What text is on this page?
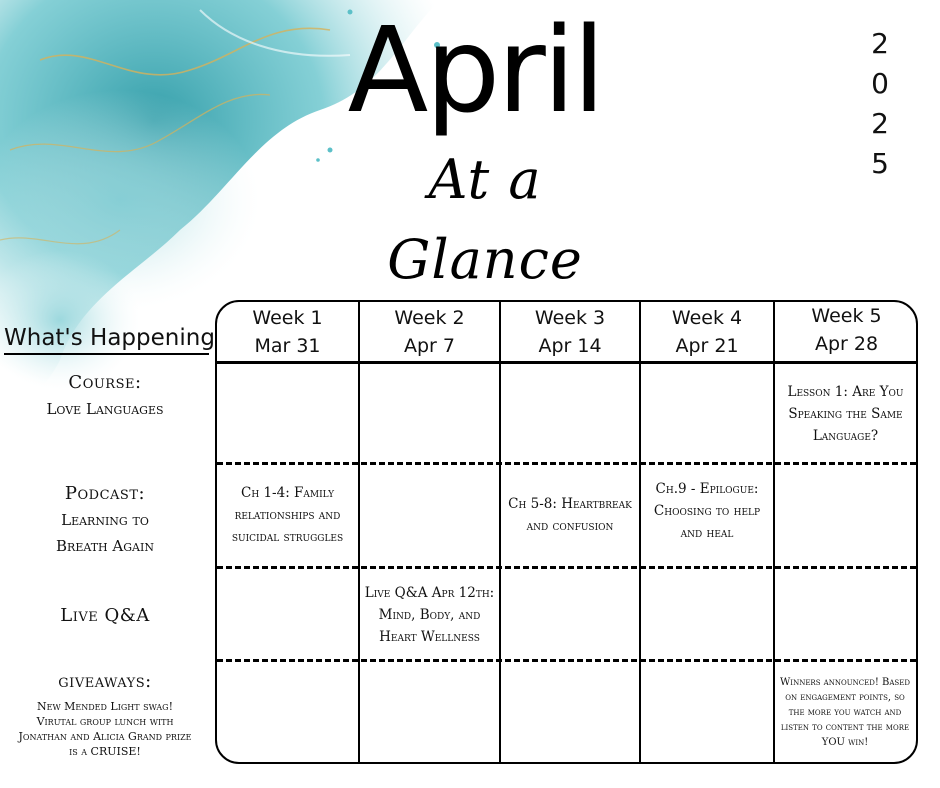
April
At a Glance
2
0
2
5
What's Happening
Course:
Love Languages
Podcast:
Learning to
Breath Again
Live Q&A
giveaways:
New Mended Light swag! Virutal group lunch with Jonathan and Alicia Grand prize is a CRUISE!
Week 1
Mar 31
Week 2
Apr 7
Week 3
Apr 14
Week 4
Apr 21
Week 5
Apr 28
Lesson 1: Are You Speaking the Same Language?
Ch 1-4: Family relationships and suicidal struggles
Ch 5-8: Heartbreak and confusion
Ch.9 - Epilogue: Choosing to help and heal
Live Q&A Apr 12th: Mind, Body, and Heart Wellness
Winners announced! Based on engagement points, so the more you watch and listen to content the more YOU win!
